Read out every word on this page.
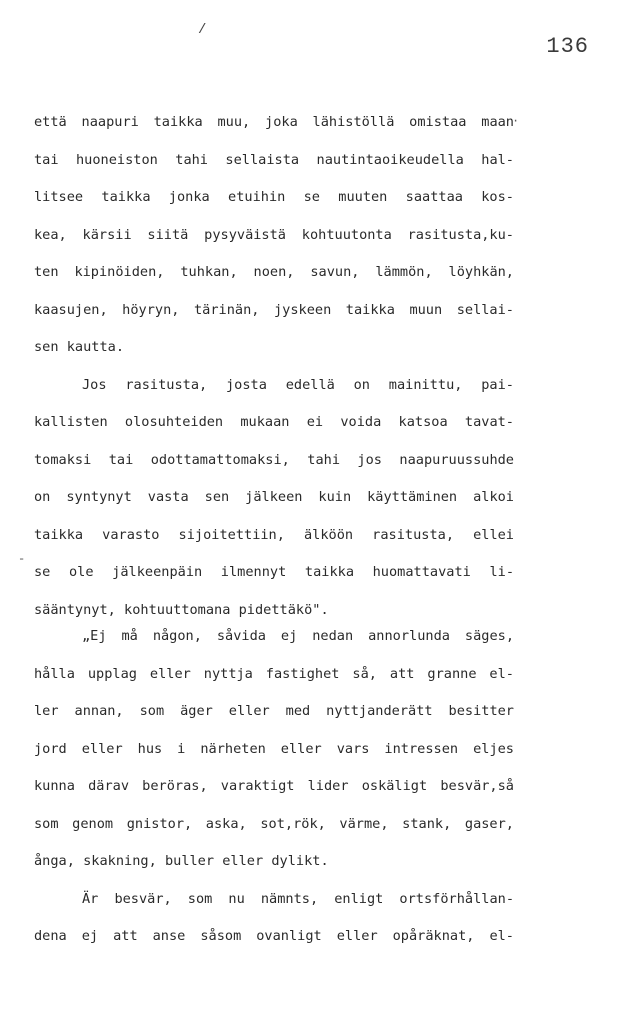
/
136
·
-
että naapuri taikka muu, joka lähistöllä omistaa maan
tai huoneiston tahi sellaista nautintaoikeudella hal-
litsee taikka jonka etuihin se muuten saattaa kos-
kea, kärsii siitä pysyväistä kohtuutonta rasitusta,ku-
ten kipinöiden, tuhkan, noen, savun, lämmön, löyhkän,
kaasujen, höyryn, tärinän, jyskeen taikka muun sellai-
sen kautta.
Jos rasitusta, josta edellä on mainittu, pai-
kallisten olosuhteiden mukaan ei voida katsoa tavat-
tomaksi tai odottamattomaksi, tahi jos naapuruussuhde
on syntynyt vasta sen jälkeen kuin käyttäminen alkoi
taikka varasto sijoitettiin, älköön rasitusta, ellei
se ole jälkeenpäin ilmennyt taikka huomattavati li-
sääntynyt, kohtuuttomana pidettäkö".
„Ej må någon, såvida ej nedan annorlunda säges,
hålla upplag eller nyttja fastighet så, att granne el-
ler annan, som äger eller med nyttjanderätt besitter
jord eller hus i närheten eller vars intressen eljes
kunna därav beröras, varaktigt lider oskäligt besvär,så
som genom gnistor, aska, sot,rök, värme, stank, gaser,
ånga, skakning, buller eller dylikt.
Är besvär, som nu nämnts, enligt ortsförhållan-
dena ej att anse såsom ovanligt eller opåräknat, el-
